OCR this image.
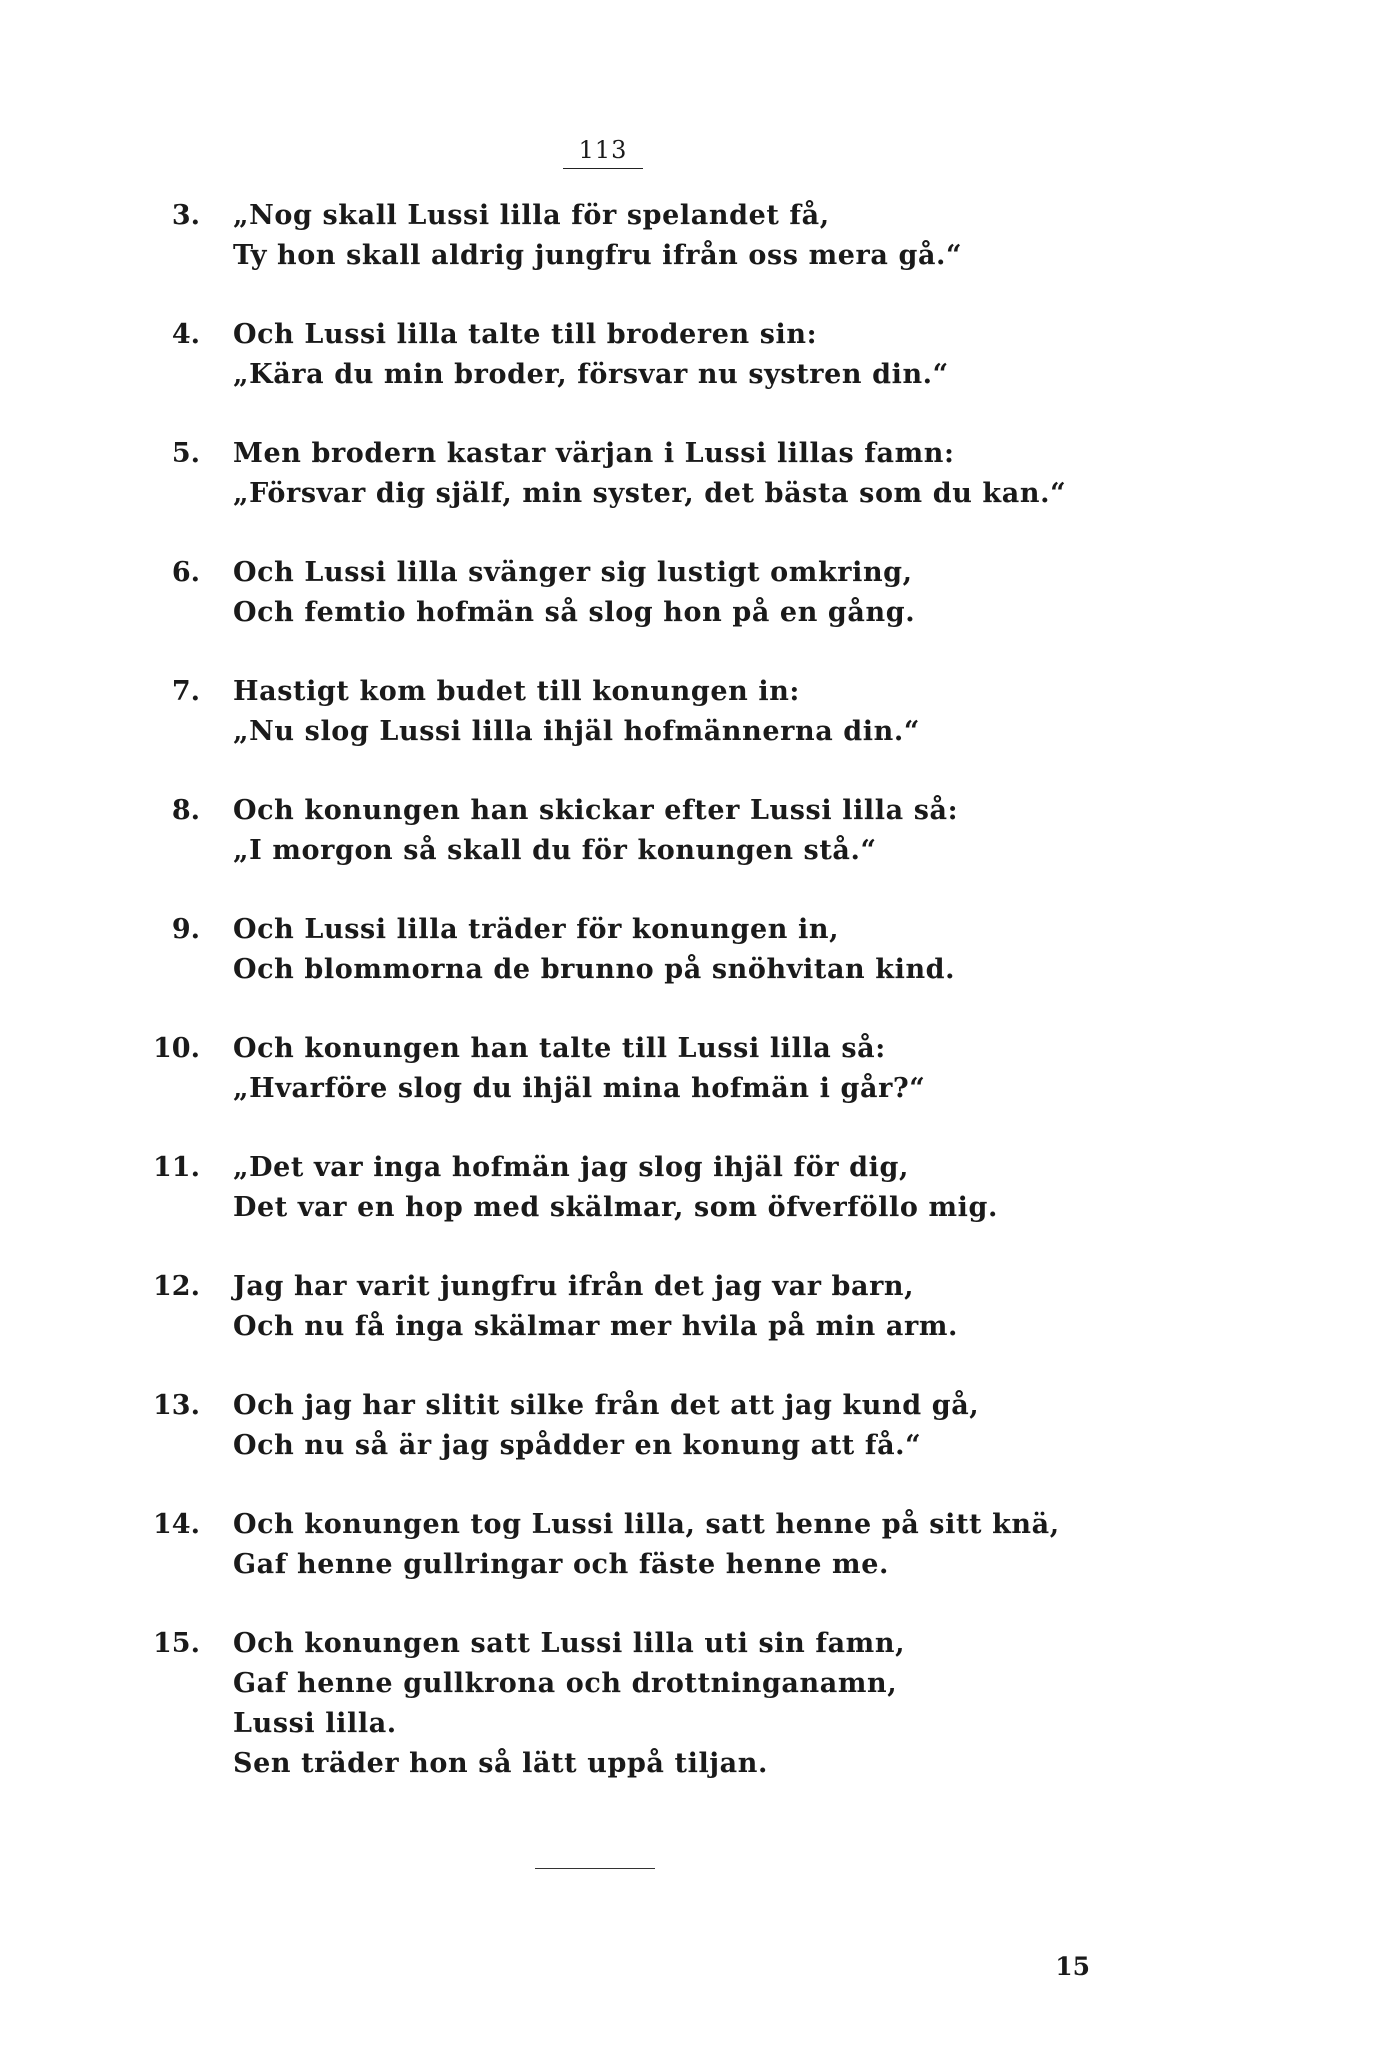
113
3. „Nog skall Lussi lilla för spelandet få,
Ty hon skall aldrig jungfru ifrån oss mera gå.“
4. Och Lussi lilla talte till broderen sin:
„Kära du min broder, försvar nu systren din.“
5. Men brodern kastar värjan i Lussi lillas famn:
„Försvar dig själf, min syster, det bästa som du kan.“
6. Och Lussi lilla svänger sig lustigt omkring,
Och femtio hofmän så slog hon på en gång.
7. Hastigt kom budet till konungen in:
„Nu slog Lussi lilla ihjäl hofmännerna din.“
8. Och konungen han skickar efter Lussi lilla så:
„I morgon så skall du för konungen stå.“
9. Och Lussi lilla träder för konungen in,
Och blommorna de brunno på snöhvitan kind.
10. Och konungen han talte till Lussi lilla så:
„Hvarföre slog du ihjäl mina hofmän i går?“
11. „Det var inga hofmän jag slog ihjäl för dig,
Det var en hop med skälmar, som öfverföllo mig.
12. Jag har varit jungfru ifrån det jag var barn,
Och nu få inga skälmar mer hvila på min arm.
13. Och jag har slitit silke från det att jag kund gå,
Och nu så är jag spådder en konung att få.“
14. Och konungen tog Lussi lilla, satt henne på sitt knä,
Gaf henne gullringar och fäste henne me.
15. Och konungen satt Lussi lilla uti sin famn,
Gaf henne gullkrona och drottninganamn,
Lussi lilla.
Sen träder hon så lätt uppå tiljan.
15
